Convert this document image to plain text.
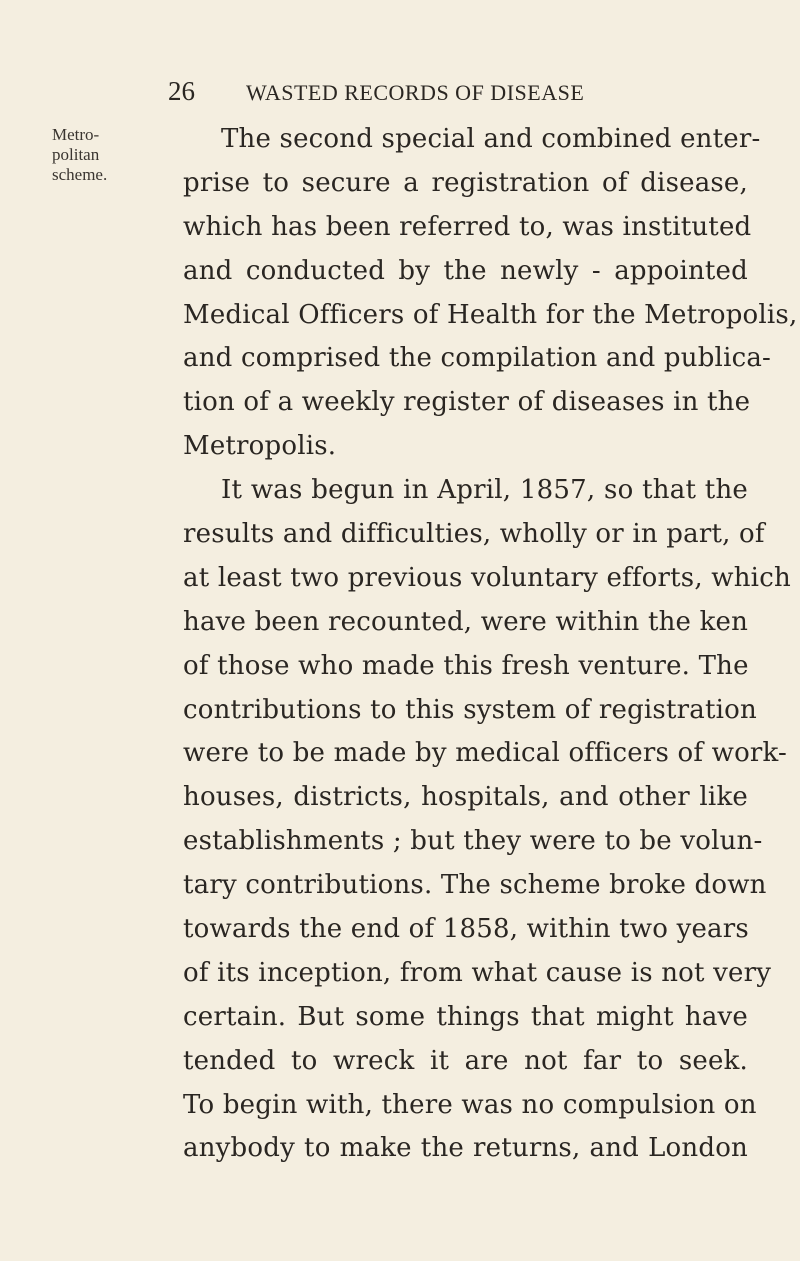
26 WASTED RECORDS OF DISEASE
Metro-
politan
scheme.
The second special and combined enter-
prise to secure a registration of disease,
which has been referred to, was instituted
and conducted by the newly - appointed
Medical Officers of Health for the Metropolis,
and comprised the compilation and publica-
tion of a weekly register of diseases in the
Metropolis.
It was begun in April, 1857, so that the
results and difficulties, wholly or in part, of
at least two previous voluntary efforts, which
have been recounted, were within the ken
of those who made this fresh venture. The
contributions to this system of registration
were to be made by medical officers of work-
houses, districts, hospitals, and other like
establishments ; but they were to be volun-
tary contributions. The scheme broke down
towards the end of 1858, within two years
of its inception, from what cause is not very
certain. But some things that might have
tended to wreck it are not far to seek.
To begin with, there was no compulsion on
anybody to make the returns, and London
